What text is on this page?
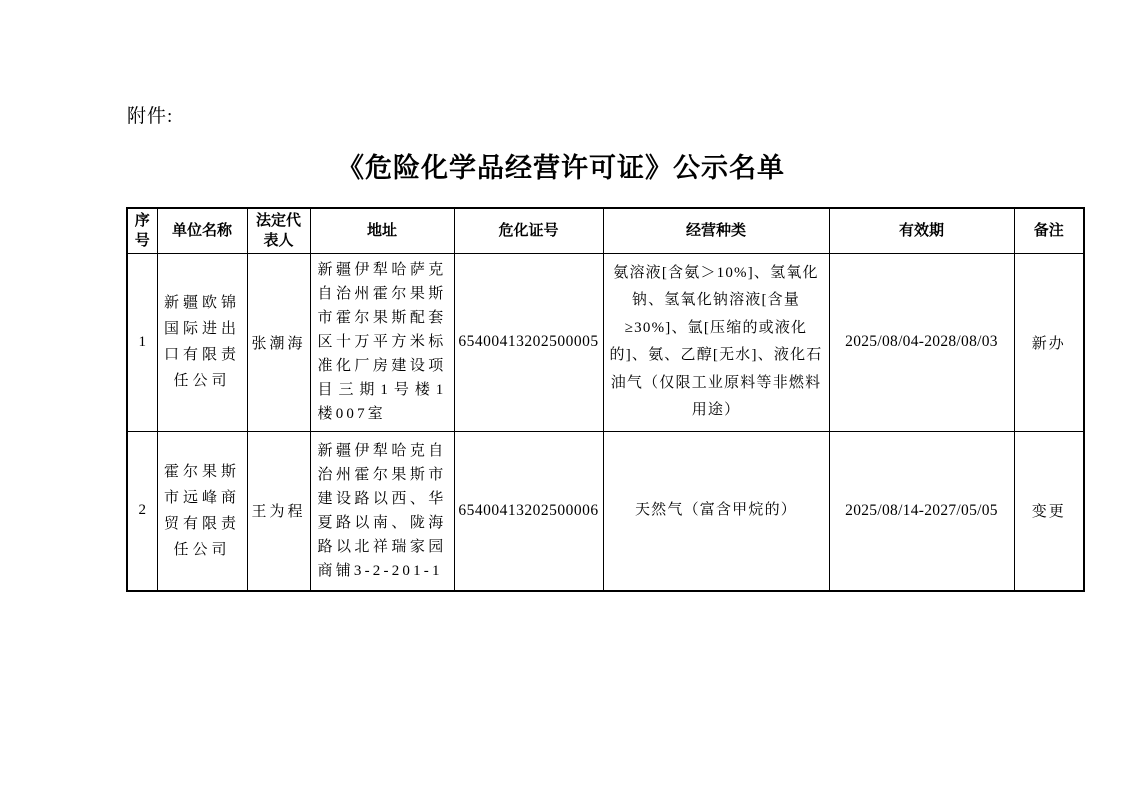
附件:
《危险化学品经营许可证》公示名单
序号	单位名称	法定代表人	地址	危化证号	经营种类	有效期	备注
1	新疆欧锦国际进出口有限责任公司	张潮海	新疆伊犁哈萨克自治州霍尔果斯市霍尔果斯配套区十万平方米标准化厂房建设项目三期1号楼1楼007室	65400413202500005	氨溶液[含氨＞10%]、氢氧化钠、氢氧化钠溶液[含量≥30%]、氩[压缩的或液化的]、氨、乙醇[无水]、液化石油气（仅限工业原料等非燃料用途）	2025/08/04-2028/08/03	新办
2	霍尔果斯市远峰商贸有限责任公司	王为程	新疆伊犁哈克自治州霍尔果斯市建设路以西、华夏路以南、陇海路以北祥瑞家园商铺3-2-201-1	65400413202500006	天然气（富含甲烷的）	2025/08/14-2027/05/05	变更
